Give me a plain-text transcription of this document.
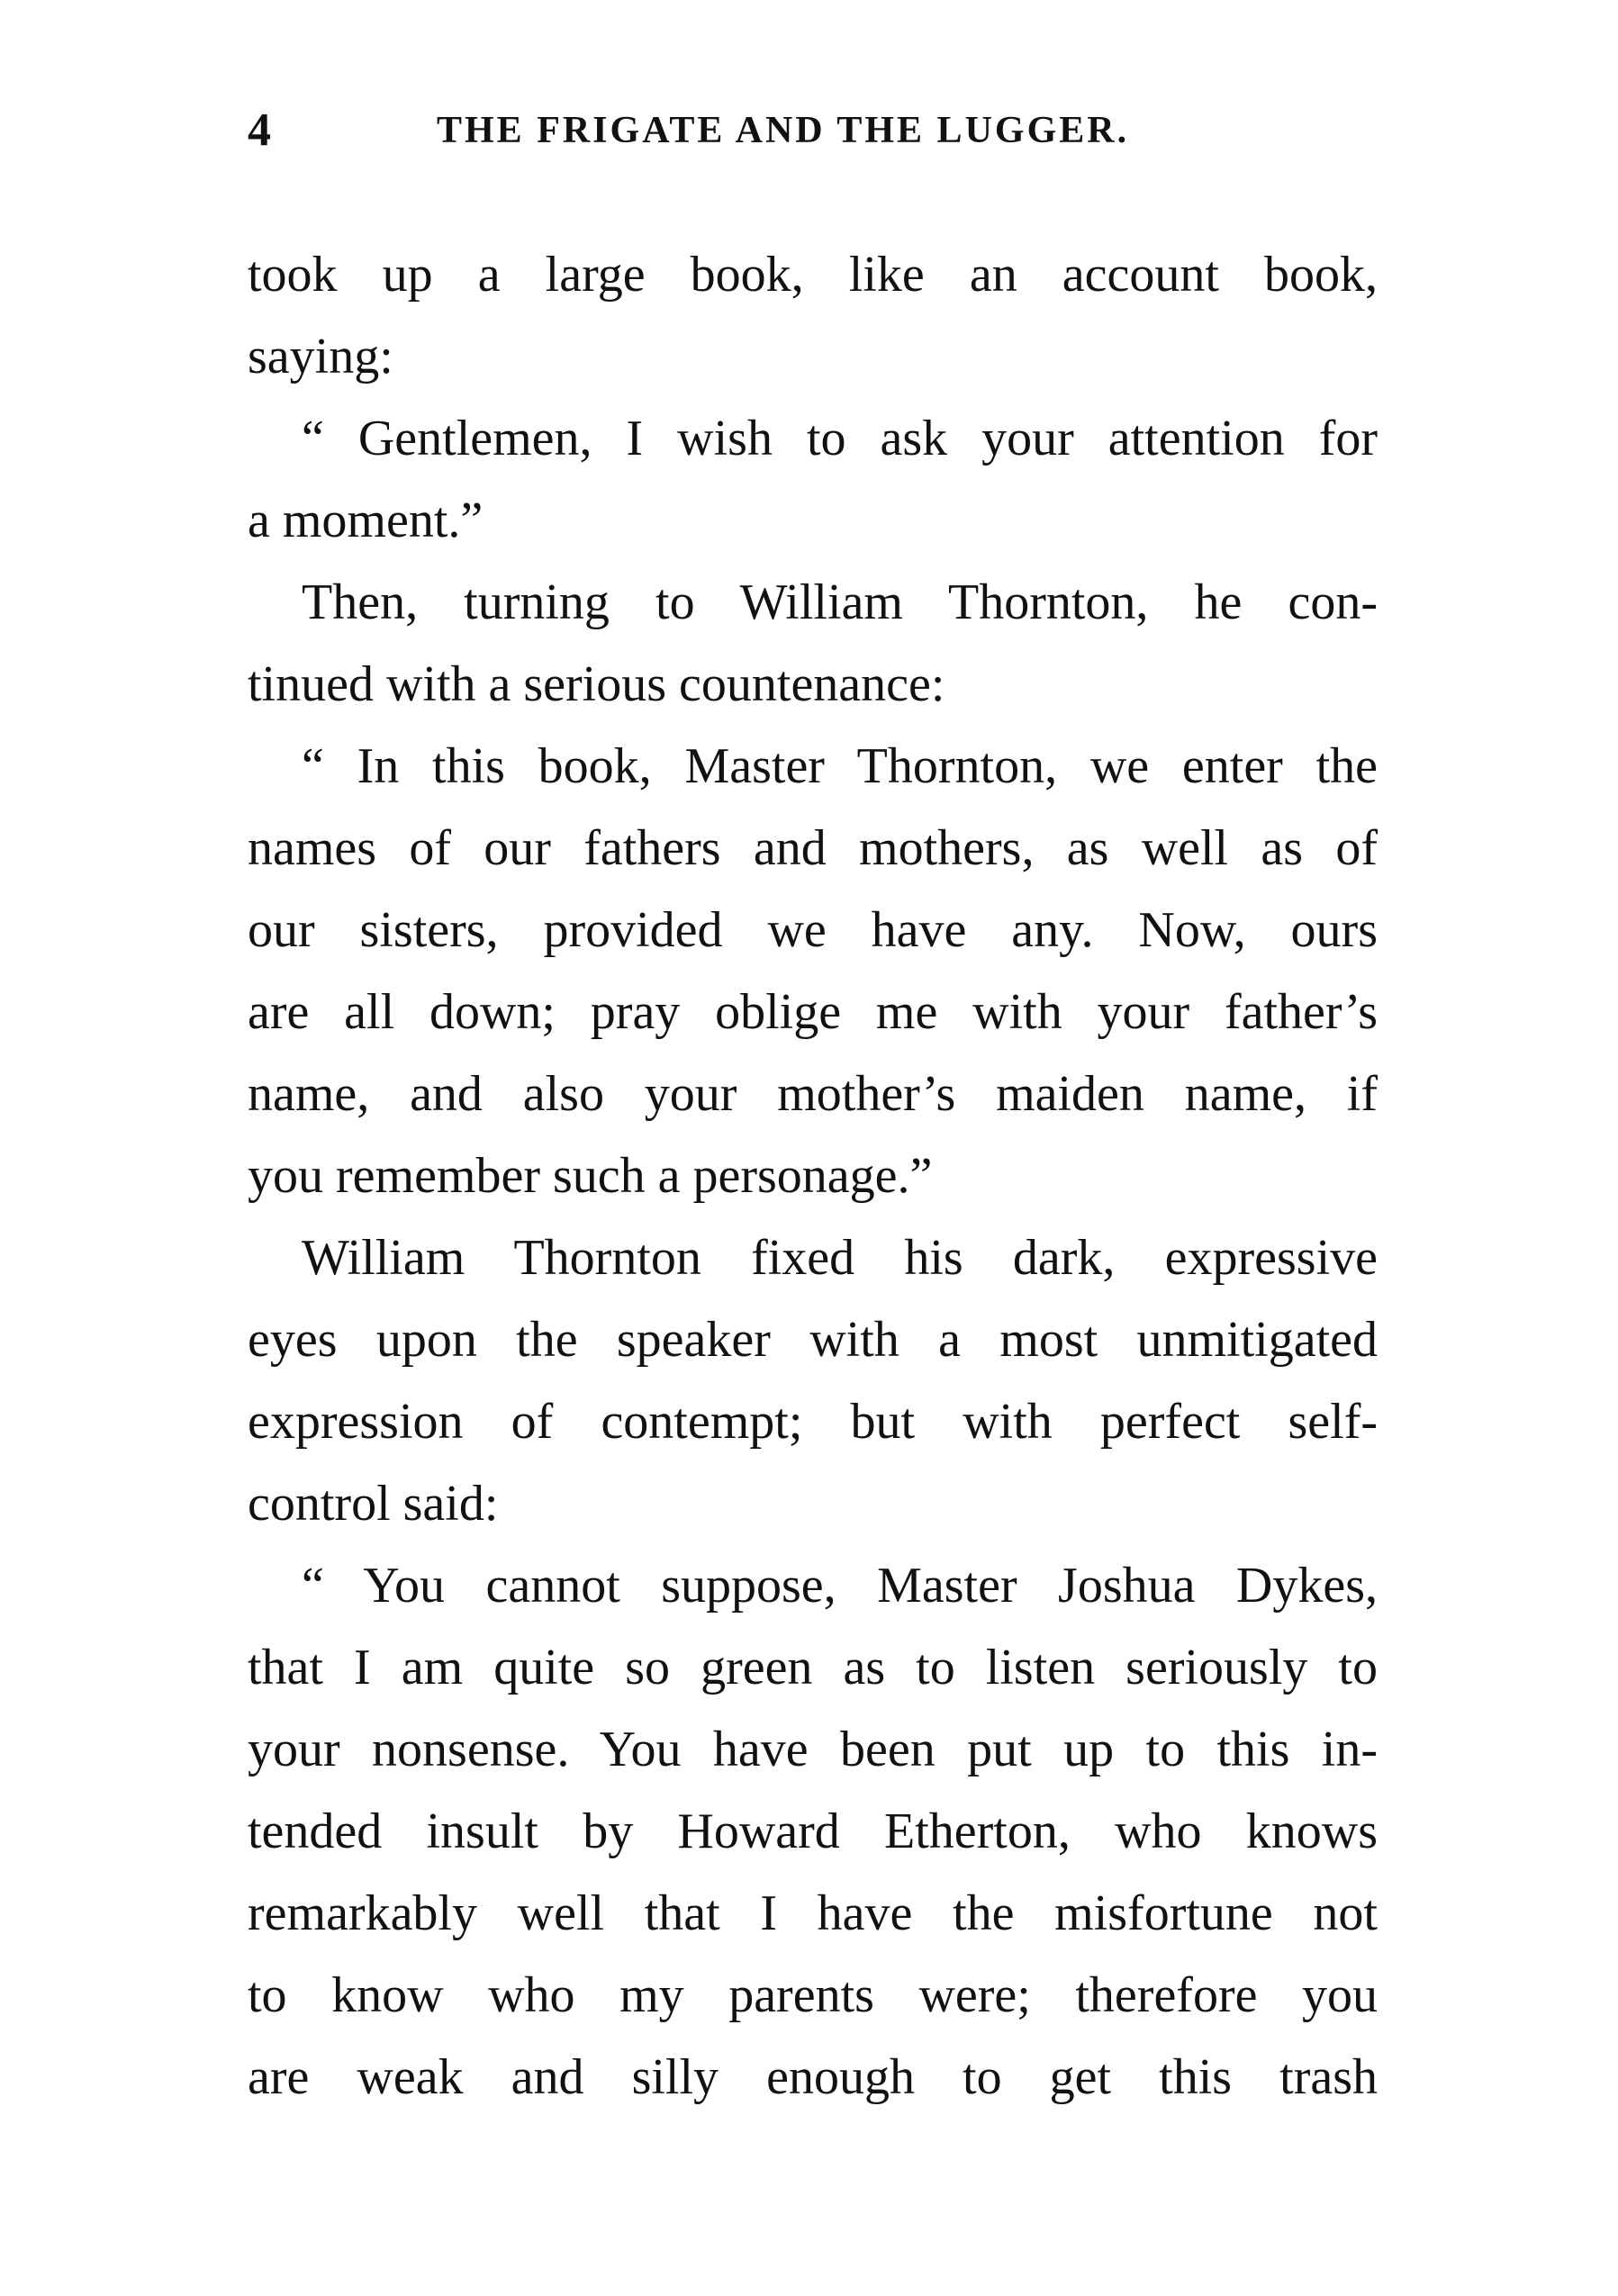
4	THE FRIGATE AND THE LUGGER.
took up a large book, like an account book,
saying:
“ Gentlemen, I wish to ask your attention for
a moment.”
Then, turning to William Thornton, he con-
tinued with a serious countenance:
“ In this book, Master Thornton, we enter the
names of our fathers and mothers, as well as of
our sisters, provided we have any. Now, ours
are all down; pray oblige me with your father’s
name, and also your mother’s maiden name, if
you remember such a personage.”
William Thornton fixed his dark, expressive
eyes upon the speaker with a most unmitigated
expression of contempt; but with perfect self-
control said:
“ You cannot suppose, Master Joshua Dykes,
that I am quite so green as to listen seriously to
your nonsense. You have been put up to this in-
tended insult by Howard Etherton, who knows
remarkably well that I have the misfortune not
to know who my parents were; therefore you
are weak and silly enough to get this trash
